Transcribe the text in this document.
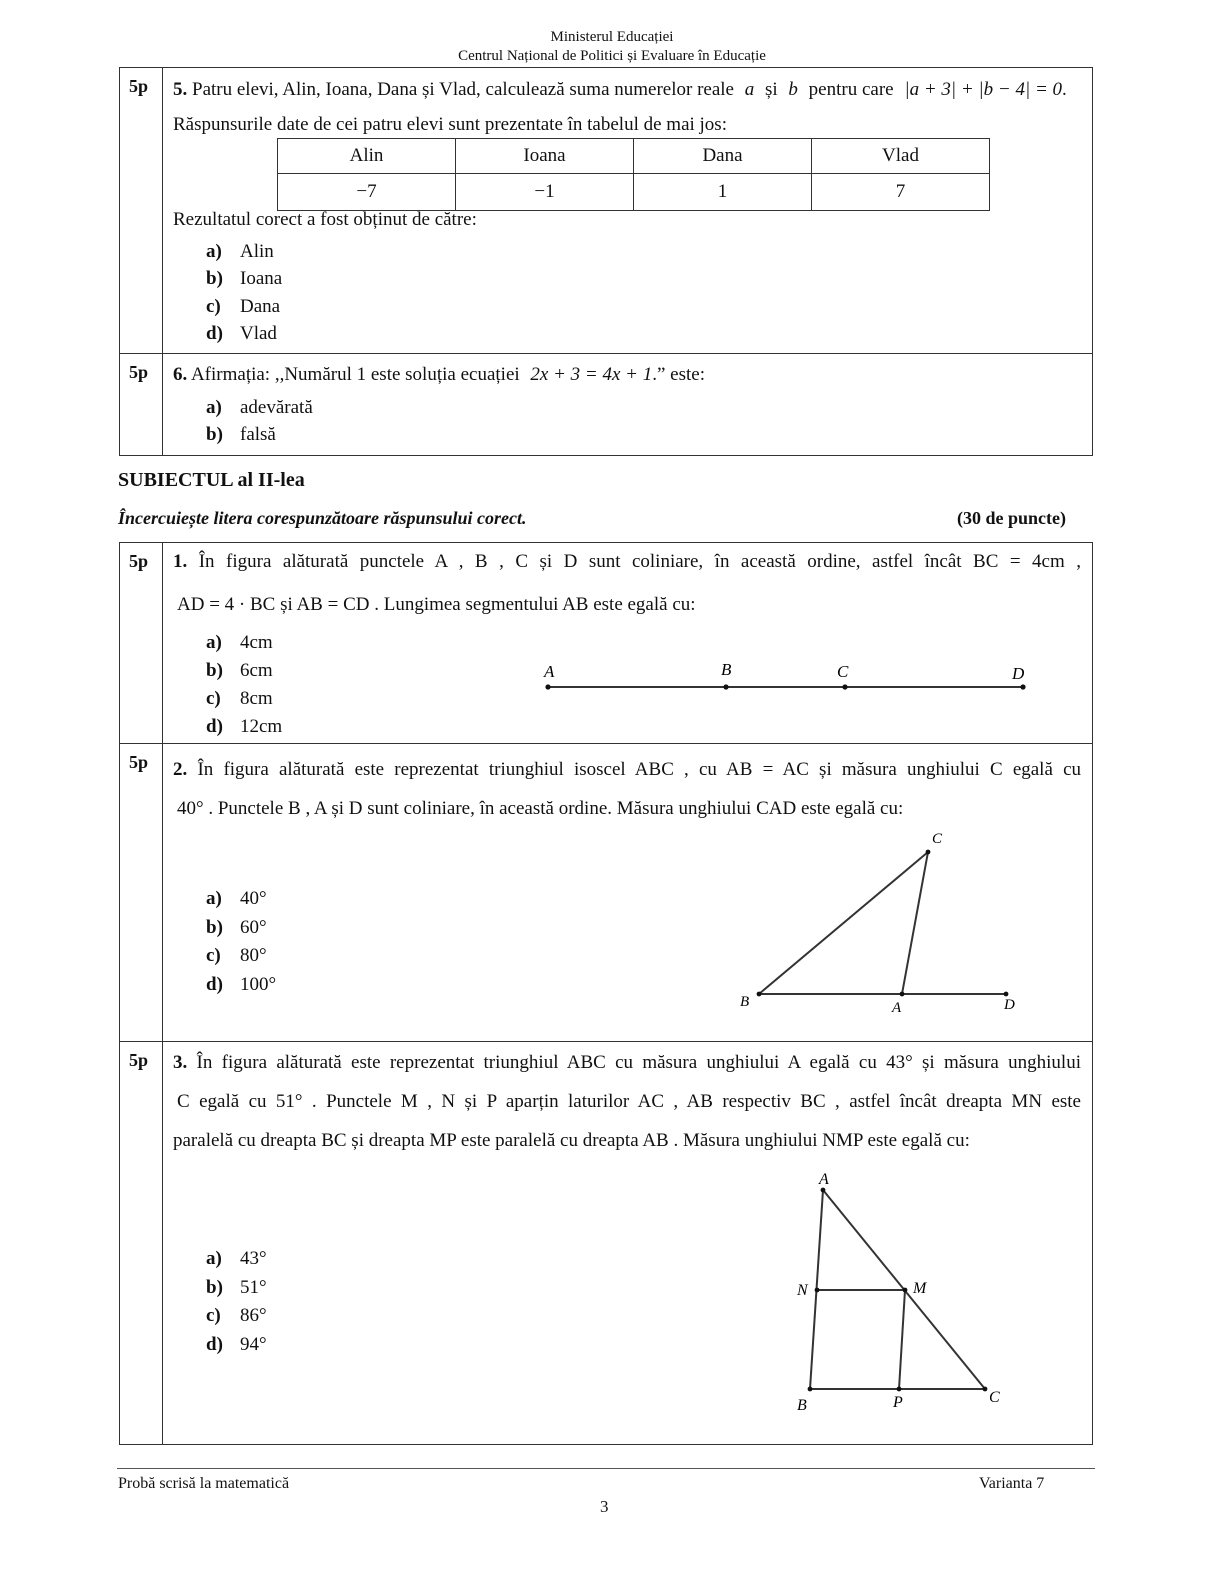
Ministerul Educației
Centrul Național de Politici și Evaluare în Educație
5p 5. Patru elevi, Alin, Ioana, Dana și Vlad, calculează suma numerelor reale a și b pentru care |a + 3| + |b − 4| = 0.
Răspunsurile date de cei patru elevi sunt prezentate în tabelul de mai jos:
Alin	Ioana	Dana	Vlad
−7	−1	1	7
Rezultatul corect a fost obținut de către:
a) Alin
b) Ioana
c) Dana
d) Vlad
5p 6. Afirmația: ,,Numărul 1 este soluția ecuației 2x + 3 = 4x + 1.” este:
a) adevărată
b) falsă
SUBIECTUL al II-lea
Încercuiește litera corespunzătoare răspunsului corect.	(30 de puncte)
5p 1. În figura alăturată punctele A , B , C și D sunt coliniare, în această ordine, astfel încât BC = 4cm ,
AD = 4 · BC și AB = CD . Lungimea segmentului AB este egală cu:
a) 4cm
b) 6cm
c) 8cm
d) 12cm
A	B	C	D
5p 2. În figura alăturată este reprezentat triunghiul isoscel ABC , cu AB = AC și măsura unghiului C egală cu
40° . Punctele B , A și D sunt coliniare, în această ordine. Măsura unghiului CAD este egală cu:
a) 40°
b) 60°
c) 80°
d) 100°
C
B	A	D
5p 3. În figura alăturată este reprezentat triunghiul ABC cu măsura unghiului A egală cu 43° și măsura unghiului
C egală cu 51° . Punctele M , N și P aparțin laturilor AC , AB respectiv BC , astfel încât dreapta MN este
paralelă cu dreapta BC și dreapta MP este paralelă cu dreapta AB . Măsura unghiului NMP este egală cu:
a) 43°
b) 51°
c) 86°
d) 94°
A
N	M
B	P	C
Probă scrisă la matematică	Varianta 7
3
